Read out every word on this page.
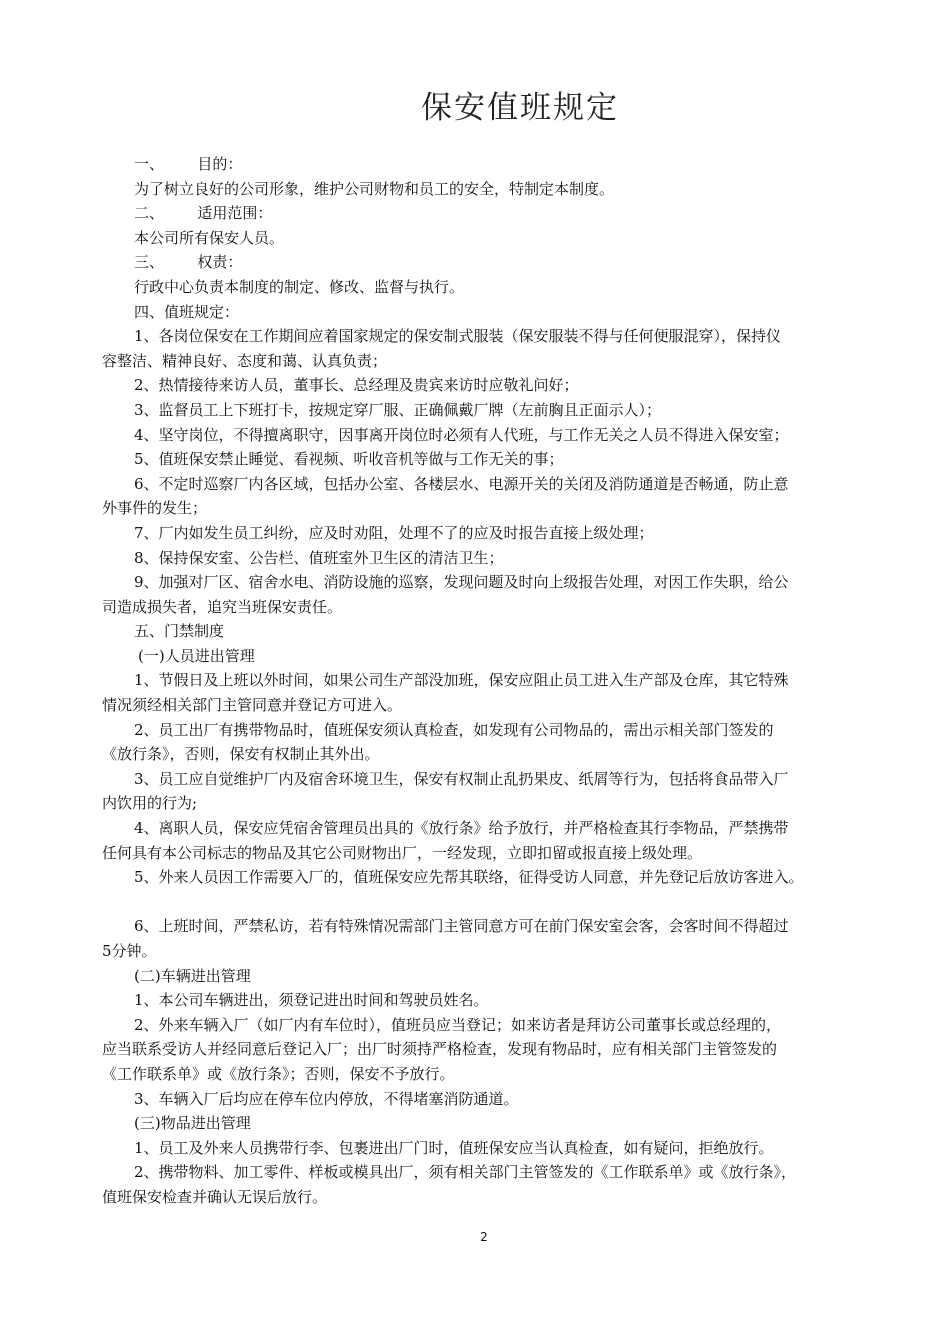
保安值班规定

一、       目的：

为了树立良好的公司形象，维护公司财物和员工的安全，特制定本制度。

二、       适用范围：

本公司所有保安人员。

三、       权责：

行政中心负责本制度的制定、修改、监督与执行。

四、值班规定：

1、各岗位保安在工作期间应着国家规定的保安制式服装（保安服装不得与任何便服混穿），保持仪

容整洁、精神良好、态度和蔼、认真负责；

2、热情接待来访人员，董事长、总经理及贵宾来访时应敬礼问好；

3、监督员工上下班打卡，按规定穿厂服、正确佩戴厂牌（左前胸且正面示人）；

4、坚守岗位，不得擅离职守，因事离开岗位时必须有人代班，与工作无关之人员不得进入保安室；

5、值班保安禁止睡觉、看视频、听收音机等做与工作无关的事；

6、不定时巡察厂内各区域，包括办公室、各楼层水、电源开关的关闭及消防通道是否畅通，防止意

外事件的发生；

7、厂内如发生员工纠纷，应及时劝阻，处理不了的应及时报告直接上级处理；

8、保持保安室、公告栏、值班室外卫生区的清洁卫生；

9、加强对厂区、宿舍水电、消防设施的巡察，发现问题及时向上级报告处理，对因工作失职，给公

司造成损失者，追究当班保安责任。

五、门禁制度

(一)人员进出管理

1、节假日及上班以外时间，如果公司生产部没加班，保安应阻止员工进入生产部及仓库，其它特殊

情况须经相关部门主管同意并登记方可进入。

2、员工出厂有携带物品时，值班保安须认真检查，如发现有公司物品的，需出示相关部门签发的

《放行条》，否则，保安有权制止其外出。

3、员工应自觉维护厂内及宿舍环境卫生，保安有权制止乱扔果皮、纸屑等行为，包括将食品带入厂

内饮用的行为;

4、离职人员，保安应凭宿舍管理员出具的《放行条》给予放行，并严格检查其行李物品，严禁携带

任何具有本公司标志的物品及其它公司财物出厂，一经发现，立即扣留或报直接上级处理。

5、外来人员因工作需要入厂的，值班保安应先帮其联络，征得受访人同意，并先登记后放访客进入。

6、上班时间，严禁私访，若有特殊情况需部门主管同意方可在前门保安室会客，会客时间不得超过

5分钟。

(二)车辆进出管理

1、本公司车辆进出，须登记进出时间和驾驶员姓名。

2、外来车辆入厂（如厂内有车位时），值班员应当登记；如来访者是拜访公司董事长或总经理的，

应当联系受访人并经同意后登记入厂；出厂时须持严格检查，发现有物品时，应有相关部门主管签发的

《工作联系单》或《放行条》；否则，保安不予放行。

3、车辆入厂后均应在停车位内停放，不得堵塞消防通道。

(三)物品进出管理

1、员工及外来人员携带行李、包裹进出厂门时，值班保安应当认真检查，如有疑问，拒绝放行。

2、携带物料、加工零件、样板或模具出厂，须有相关部门主管签发的《工作联系单》或《放行条》，

值班保安检查并确认无误后放行。

2
